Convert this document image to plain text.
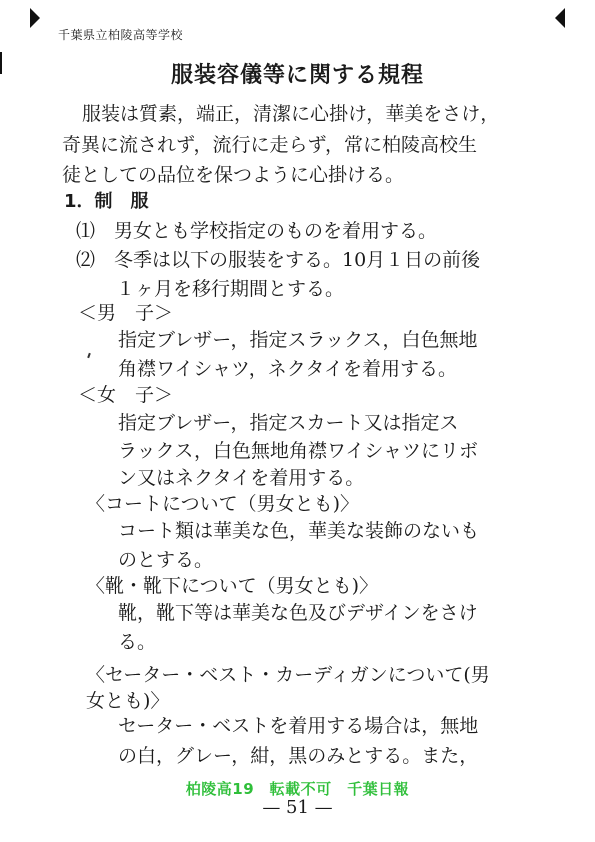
千葉県立柏陵高等学校
服装容儀等に関する規程
服装は質素，端正，清潔に心掛け，華美をさけ，
奇異に流されず，流行に走らず，常に柏陵高校生
徒としての品位を保つように心掛ける。
1．制　服
⑴　男女とも学校指定のものを着用する。
⑵　冬季は以下の服装をする。10月１日の前後
１ヶ月を移行期間とする。
＜男　子＞
指定ブレザー，指定スラックス，白色無地
角襟ワイシャツ，ネクタイを着用する。
＜女　子＞
指定ブレザー，指定スカート又は指定ス
ラックス，白色無地角襟ワイシャツにリボ
ン又はネクタイを着用する。
〈コートについて（男女とも)〉
コート類は華美な色，華美な装飾のないも
のとする。
〈靴・靴下について（男女とも)〉
靴，靴下等は華美な色及びデザインをさけ
る。
〈セーター・ベスト・カーディガンについて(男
女とも)〉
セーター・ベストを着用する場合は，無地
の白，グレー，紺，黒のみとする。また，
柏陵高19　転載不可　千葉日報
— 51 —
